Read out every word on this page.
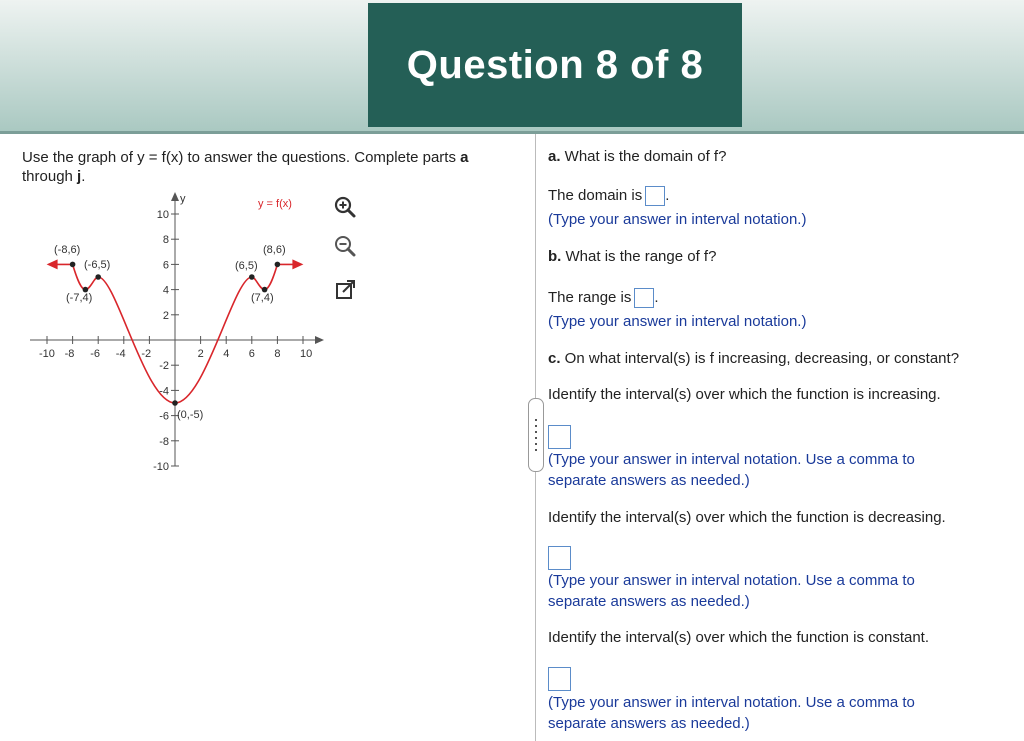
Question 8 of 8
Use the graph of y = f(x) to answer the questions. Complete parts a
through j.
y
-10 -8 -6 -4 -2	2 4 6 8 10
10
8
6
4
2
-2
-4
-6
-8
-10
(-8,6)
(-6,5)
(-7,4)
(6,5)
(8,6)
(7,4)
(0,-5)
y = f(x)
a. What is the domain of f?
The domain is .
(Type your answer in interval notation.)
b. What is the range of f?
The range is .
(Type your answer in interval notation.)
c. On what interval(s) is f increasing, decreasing, or constant?
Identify the interval(s) over which the function is increasing.
(Type your answer in interval notation. Use a comma to
separate answers as needed.)
Identify the interval(s) over which the function is decreasing.
(Type your answer in interval notation. Use a comma to
separate answers as needed.)
Identify the interval(s) over which the function is constant.
(Type your answer in interval notation. Use a comma to
separate answers as needed.)
